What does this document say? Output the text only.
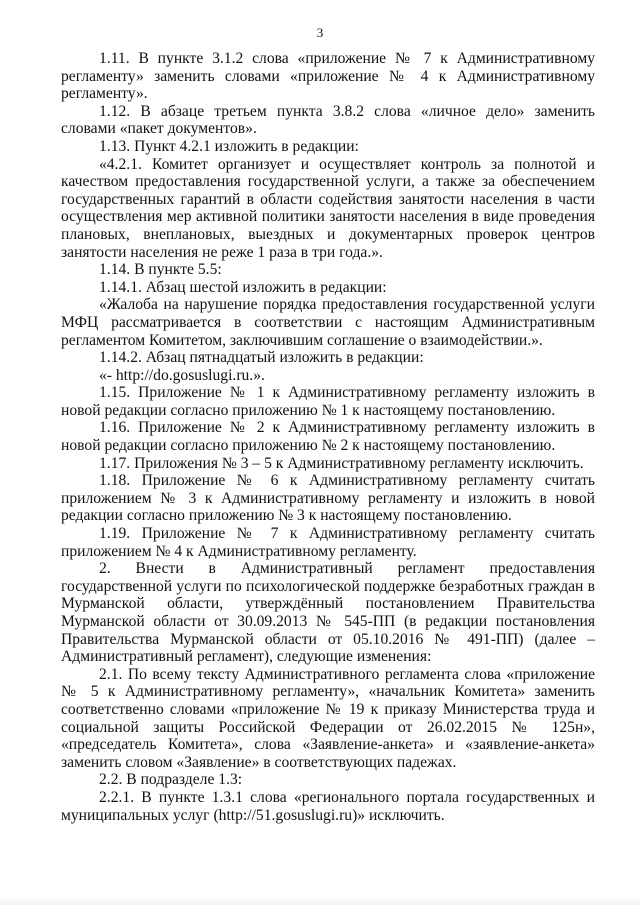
3

1.11. В пункте 3.1.2 слова «приложение № 7 к Административному регламенту» заменить словами «приложение № 4 к Административному регламенту».

1.12. В абзаце третьем пункта 3.8.2 слова «личное дело» заменить словами «пакет документов».

1.13. Пункт 4.2.1 изложить в редакции:

«4.2.1. Комитет организует и осуществляет контроль за полнотой и качеством предоставления государственной услуги, а также за обеспечением государственных гарантий в области содействия занятости населения в части осуществления мер активной политики занятости населения в виде проведения плановых, внеплановых, выездных и документарных проверок центров занятости населения не реже 1 раза в три года.».

1.14. В пункте 5.5:

1.14.1. Абзац шестой изложить в редакции:

«Жалоба на нарушение порядка предоставления государственной услуги МФЦ рассматривается в соответствии с настоящим Административным регламентом Комитетом, заключившим соглашение о взаимодействии.».

1.14.2. Абзац пятнадцатый изложить в редакции:

«- http://do.gosuslugi.ru.».

1.15. Приложение № 1 к Административному регламенту изложить в новой редакции согласно приложению № 1 к настоящему постановлению.

1.16. Приложение № 2 к Административному регламенту изложить в новой редакции согласно приложению № 2 к настоящему постановлению.

1.17. Приложения № 3 – 5 к Административному регламенту исключить.

1.18. Приложение № 6 к Административному регламенту считать приложением № 3 к Административному регламенту и изложить в новой редакции согласно приложению № 3 к настоящему постановлению.

1.19. Приложение № 7 к Административному регламенту считать приложением № 4 к Административному регламенту.

2. Внести в Административный регламент предоставления государственной услуги по психологической поддержке безработных граждан в Мурманской области, утверждённый постановлением Правительства Мурманской области от 30.09.2013 № 545-ПП (в редакции постановления Правительства Мурманской области от 05.10.2016 № 491-ПП) (далее – Административный регламент), следующие изменения:

2.1. По всему тексту Административного регламента слова «приложение № 5 к Административному регламенту», «начальник Комитета» заменить соответственно словами «приложение № 19 к приказу Министерства труда и социальной защиты Российской Федерации от 26.02.2015 № 125н», «председатель Комитета», слова «Заявление-анкета» и «заявление-анкета» заменить словом «Заявление» в соответствующих падежах.

2.2. В подразделе 1.3:

2.2.1. В пункте 1.3.1 слова «регионального портала государственных и муниципальных услуг (http://51.gosuslugi.ru)» исключить.
